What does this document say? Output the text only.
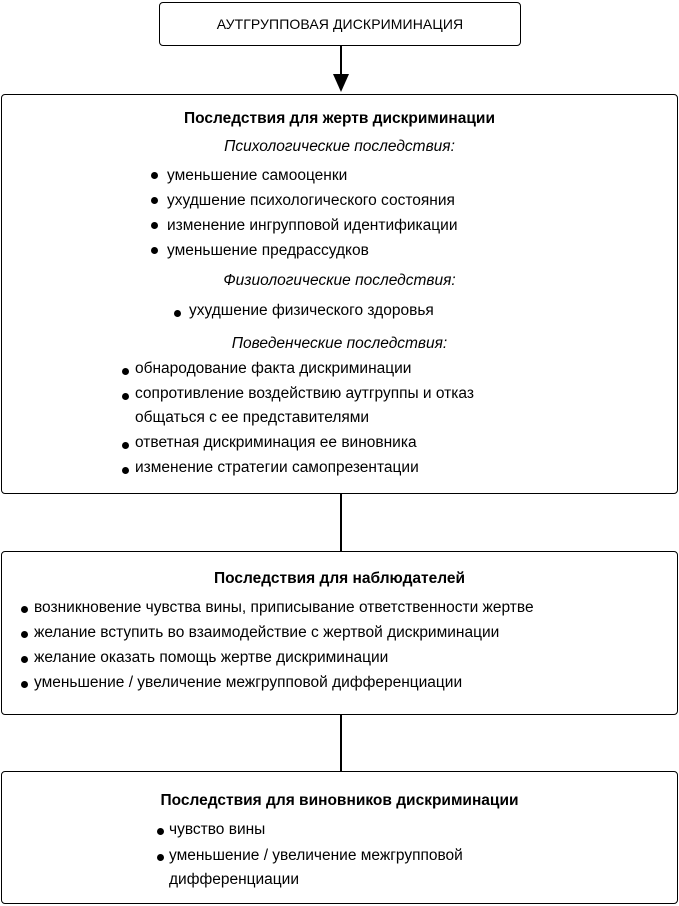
АУТГРУППОВАЯ ДИСКРИМИНАЦИЯ
Последствия для жертв дискриминации
Психологические последствия:
уменьшение самооценки
ухудшение психологического состояния
изменение ингрупповой идентификации
уменьшение предрассудков
Физиологические последствия:
ухудшение физического здоровья
Поведенческие последствия:
обнародование факта дискриминации
сопротивление воздействию аутгруппы и отказ
общаться с ее представителями
ответная дискриминация ее виновника
изменение стратегии самопрезентации
Последствия для наблюдателей
возникновение чувства вины, приписывание ответственности жертве
желание вступить во взаимодействие с жертвой дискриминации
желание оказать помощь жертве дискриминации
уменьшение / увеличение межгрупповой дифференциации
Последствия для виновников дискриминации
чувство вины
уменьшение / увеличение межгрупповой
дифференциации
